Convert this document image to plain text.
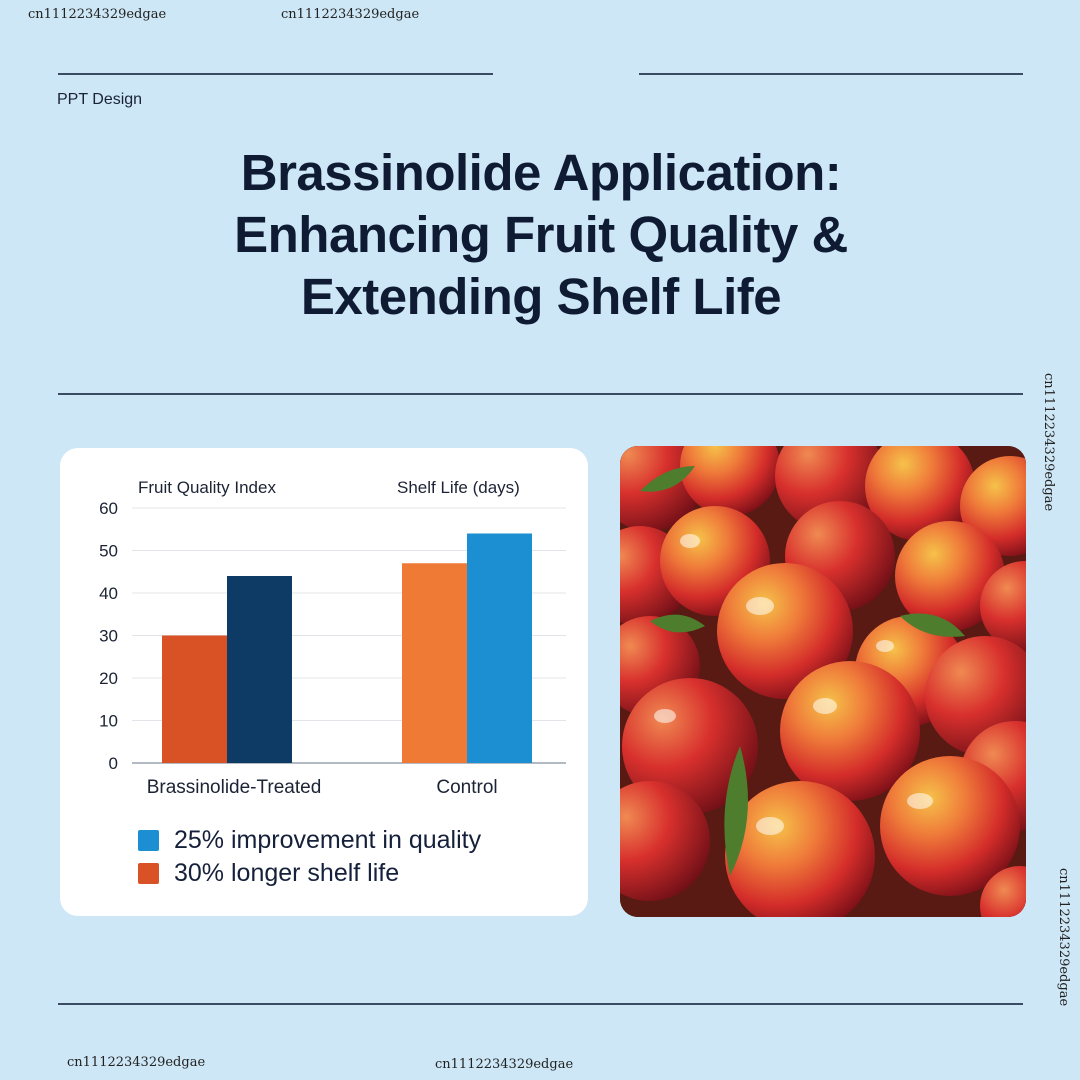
cn1112234329edgae	cn1112234329edgae
cn1112234329edgae
cn1112234329edgae
cn1112234329edgae	cn1112234329edgae
PPT Design
Brassinolide Application:
Enhancing Fruit Quality &
Extending Shelf Life
0
10
20
30
40
50
60
Fruit Quality Index	Shelf Life (days)
Brassinolide-Treated	Control
25% improvement in quality
30% longer shelf life
